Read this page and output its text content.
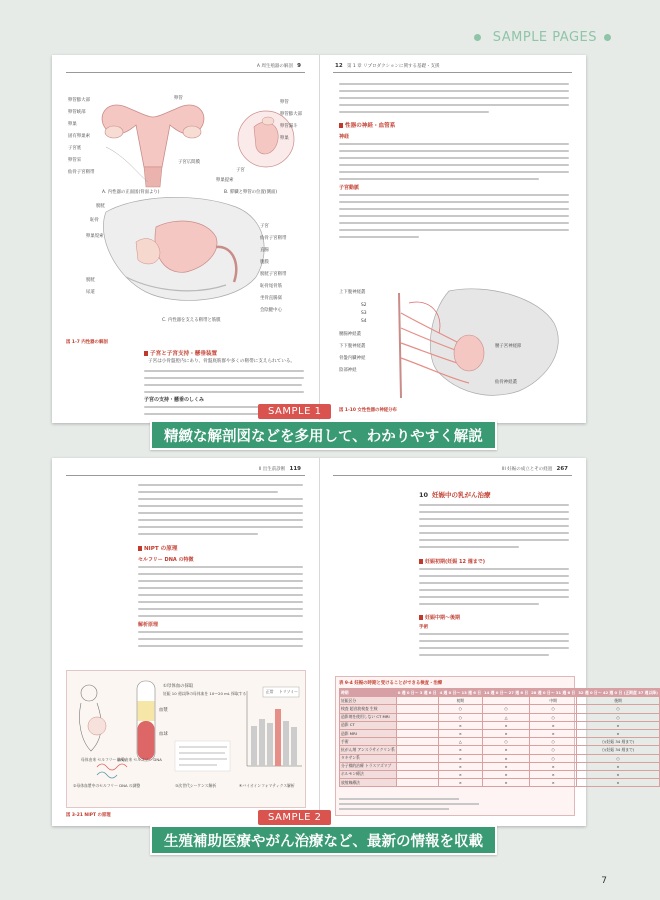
SAMPLE PAGES
A 周生殖器の解剖 9
卵管膨大部
卵管峡部
卵巣
固有卵巣索
子宮底
卵管采
卵管
子宮広間膜
仙骨子宮靭帯
A. 内性器の正面図(背面より)
卵管
卵管膨大部
卵管漏斗
卵巣
子宮
卵巣提索
B. 膵臓と卵管の位置(側面)
膀胱
恥骨
卵巣堤索
子宮
仙骨子宮靭帯
直腸
腹膜
膀胱子宮靭帯
膀胱
尿道
恥骨尾骨筋
坐骨直腸窩
会陰腱中心
C. 内性器を支える靭帯と筋膜
図 1-7 内性器の解剖
子宮と子宮支持・懸垂装置
子宮は小骨盤腔内にあり、骨盤底筋群や多くの靭帯に支えられている。
子宮の支持・懸垂のしくみ
12 第 1 章 リプロダクションに関する基礎・支援
性器の神経・血管系
神経
子宮動脈
上下腹神経叢
S2
S3
S4
腰腸神経叢
下下腹神経叢
骨盤内臓神経
陰部神経
腰子宮神経節
仙骨神経叢
図 1-10 女性性器の神経分布
SAMPLE 1
精緻な解剖図などを多用して、わかりやすく解説
II 出生前診断 119
NIPT の原理
セルフリー DNA の特徴
解析原理
①母体血の採取
妊娠 10 週以降の母体血を 10〜20 mL 採取する
血漿
血球
母体由来 セルフリー DNA
胎児由来 セルフリー DNA
②母体血漿中のセルフリー DNA の調整	③次世代シーケンス解析	④バイオインフォマティクス解析
正常 トリソミー
図 3-21 NIPT の原理
III 妊娠の成立とその経過 267
10 妊娠中の乳がん治療
妊娠初期(妊娠 12 週まで)
妊娠中期〜後期
手術
表 9-4 妊娠の時期と受けることができる検査・治療
時期	0 週 0 日〜 3 週 6 日	4 週 0 日〜 13 週 6 日	14 週 0 日〜 27 週 6 日	28 週 0 日〜 31 週 6 日	32 週 0 日〜 42 週 0 日 (正期産 37 週以降)
妊娠区分		初期		中期	後期
検査 超音波検査 生検		○	○	○	○
造影剤を使用しない CT MRI		○	△	○	○
造影 CT		×	×	×	×
造影 MRI		×	×	×	×
手術		△	○	○	○(妊娠 34 週まで)
抗がん剤 アンスラサイクリン系		×	×	○	○(妊娠 34 週まで)
タキサン系		×	×	○	○
分子標的治療 トラスツズマブ		×	×	×	×
ホルモン療法		×	×	×	×
放射線療法		×	×	×	×
SAMPLE 2
生殖補助医療やがん治療など、最新の情報を収載
7
